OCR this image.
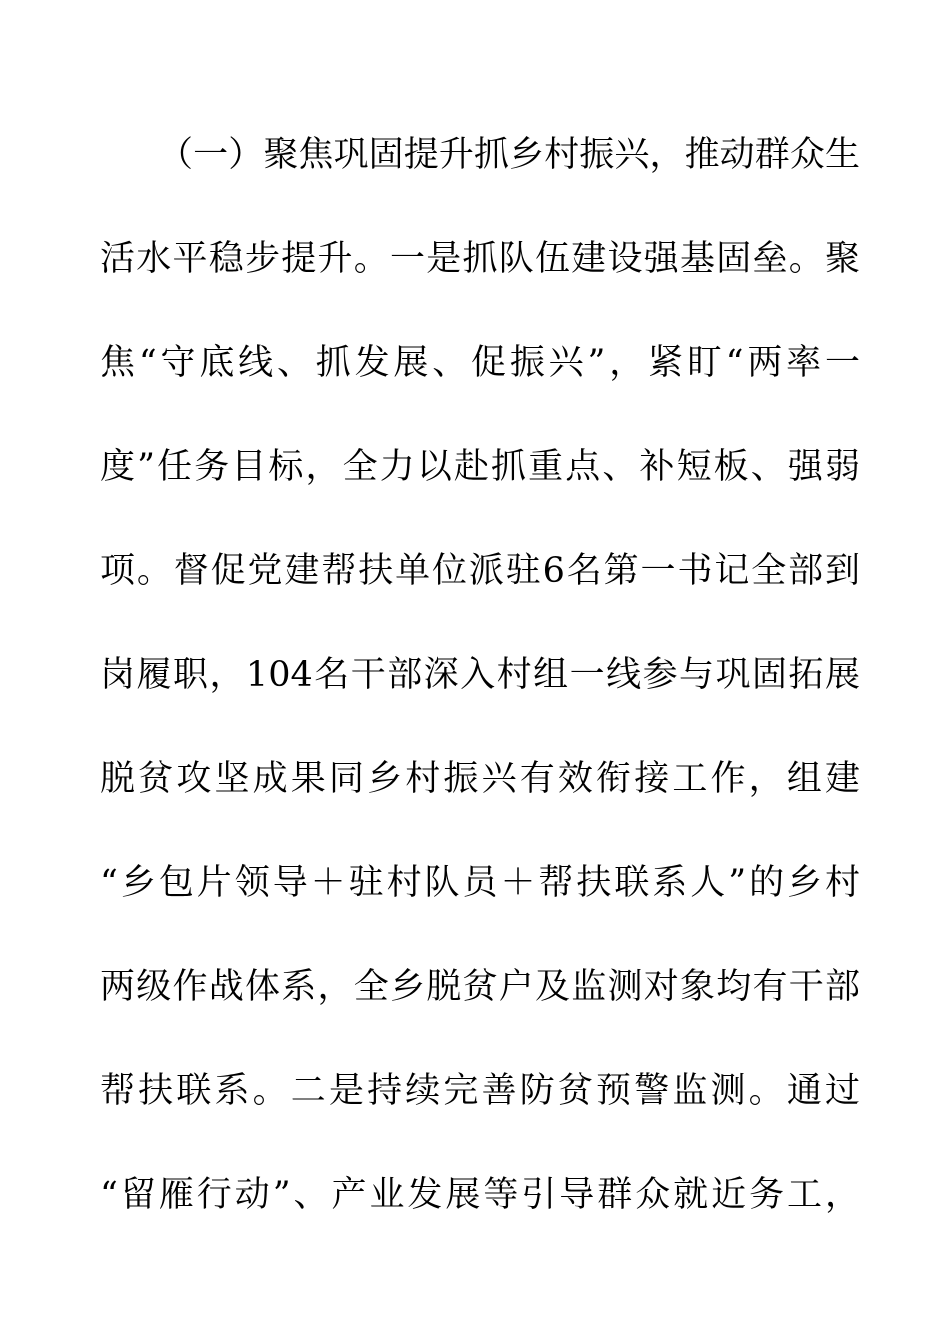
（一）聚焦巩固提升抓乡村振兴，推动群众生
活水平稳步提升。一是抓队伍建设强基固垒。聚
焦“守底线、抓发展、促振兴”，紧盯“两率一
度”任务目标，全力以赴抓重点、补短板、强弱
项。督促党建帮扶单位派驻6名第一书记全部到
岗履职，104名干部深入村组一线参与巩固拓展
脱贫攻坚成果同乡村振兴有效衔接工作，组建
“乡包片领导＋驻村队员＋帮扶联系人”的乡村
两级作战体系，全乡脱贫户及监测对象均有干部
帮扶联系。二是持续完善防贫预警监测。通过
“留雁行动”、产业发展等引导群众就近务工，
